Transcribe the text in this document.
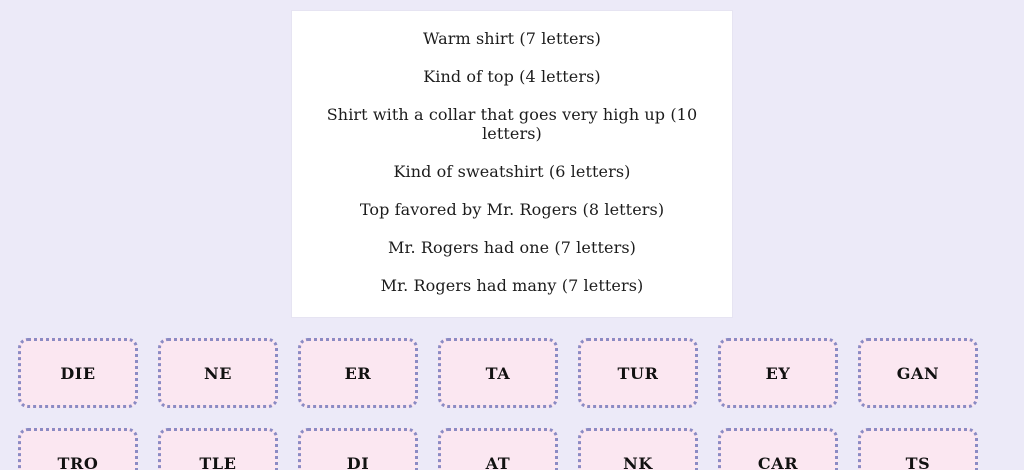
Warm shirt (7 letters)

Kind of top (4 letters)

Shirt with a collar that goes very high up (10 letters)

Kind of sweatshirt (6 letters)

Top favored by Mr. Rogers (8 letters)

Mr. Rogers had one (7 letters)

Mr. Rogers had many (7 letters)

DIE	NE	ER	TA	TUR	EY	GAN
TRO	TLE	DI	AT	NK	CAR	TS
